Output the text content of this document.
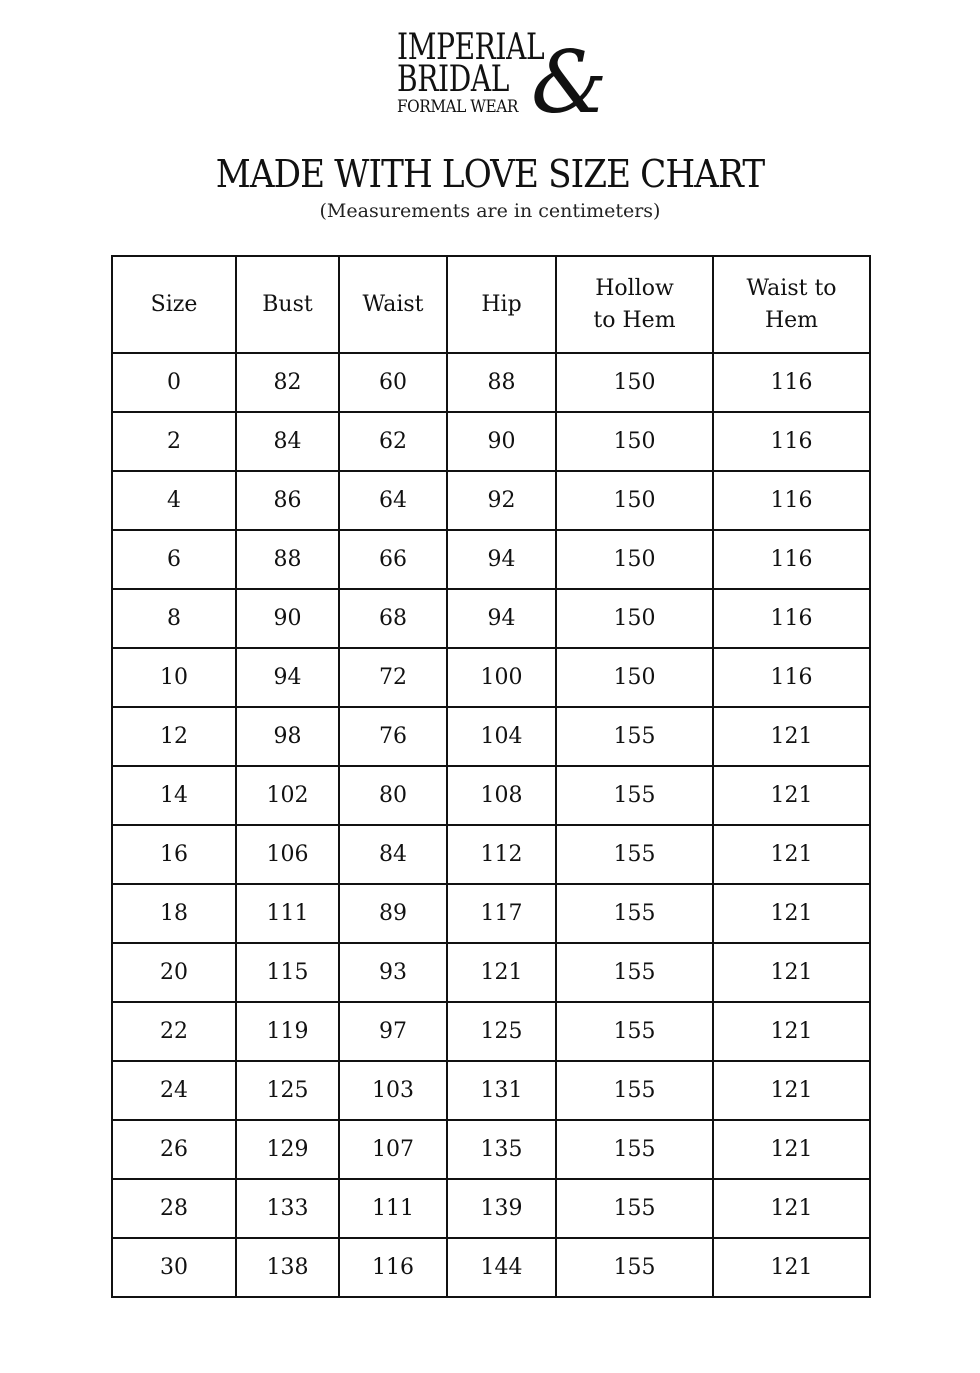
IMPERIAL
BRIDAL
FORMAL WEAR &
MADE WITH LOVE SIZE CHART
(Measurements are in centimeters)
Size	Bust	Waist	Hip	Hollow to Hem	Waist to Hem
0	82	60	88	150	116
2	84	62	90	150	116
4	86	64	92	150	116
6	88	66	94	150	116
8	90	68	94	150	116
10	94	72	100	150	116
12	98	76	104	155	121
14	102	80	108	155	121
16	106	84	112	155	121
18	111	89	117	155	121
20	115	93	121	155	121
22	119	97	125	155	121
24	125	103	131	155	121
26	129	107	135	155	121
28	133	111	139	155	121
30	138	116	144	155	121
